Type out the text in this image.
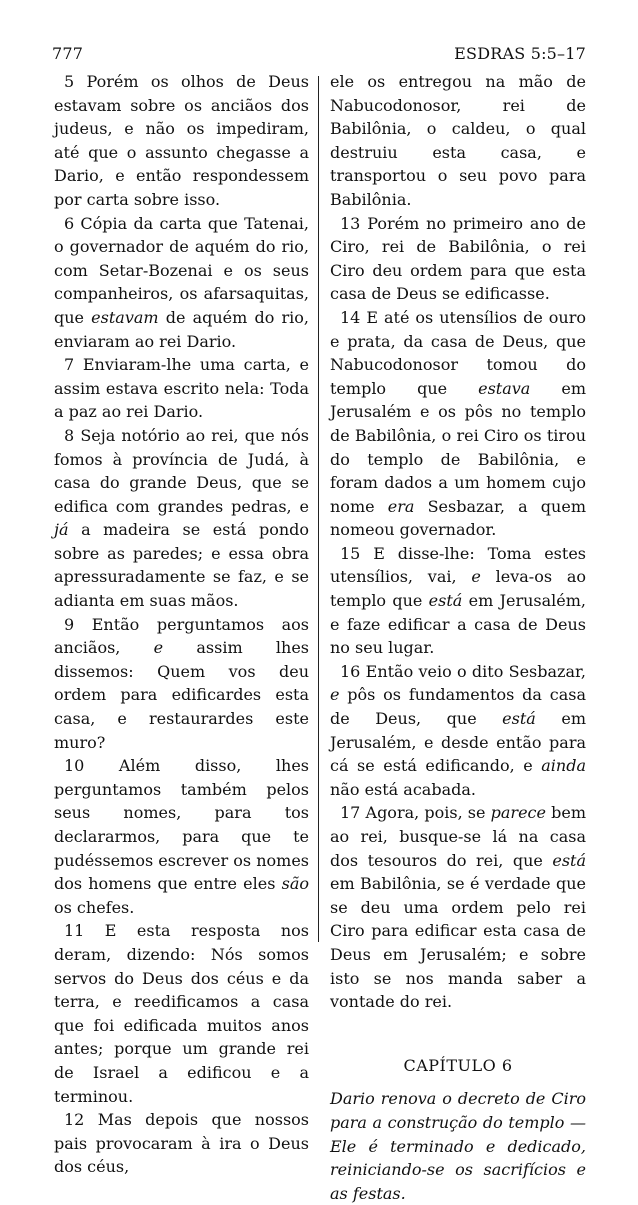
777	ESDRAS 5:5–17

5 Porém os olhos de Deus estavam sobre os anciãos dos judeus, e não os impediram, até que o assunto chegasse a Dario, e então respondessem por carta sobre isso.

6 Cópia da carta que Tatenai, o governador de aquém do rio, com Setar-Bozenai e os seus companheiros, os afarsaquitas, que estavam de aquém do rio, enviaram ao rei Dario.

7 Enviaram-lhe uma carta, e assim estava escrito nela: Toda a paz ao rei Dario.

8 Seja notório ao rei, que nós fomos à província de Judá, à casa do grande Deus, que se edifica com grandes pedras, e já a madeira se está pondo sobre as paredes; e essa obra apressuradamente se faz, e se adianta em suas mãos.

9 Então perguntamos aos anciãos, e assim lhes dissemos: Quem vos deu ordem para edificardes esta casa, e restaurardes este muro?

10 Além disso, lhes perguntamos também pelos seus nomes, para tos declararmos, para que te pudéssemos escrever os nomes dos homens que entre eles são os chefes.

11 E esta resposta nos deram, dizendo: Nós somos servos do Deus dos céus e da terra, e reedificamos a casa que foi edificada muitos anos antes; porque um grande rei de Israel a edificou e a terminou.

12 Mas depois que nossos pais provocaram à ira o Deus dos céus,

ele os entregou na mão de Nabucodonosor, rei de Babilônia, o caldeu, o qual destruiu esta casa, e transportou o seu povo para Babilônia.

13 Porém no primeiro ano de Ciro, rei de Babilônia, o rei Ciro deu ordem para que esta casa de Deus se edificasse.

14 E até os utensílios de ouro e prata, da casa de Deus, que Nabucodonosor tomou do templo que estava em Jerusalém e os pôs no templo de Babilônia, o rei Ciro os tirou do templo de Babilônia, e foram dados a um homem cujo nome era Sesbazar, a quem nomeou governador.

15 E disse-lhe: Toma estes utensílios, vai, e leva-os ao templo que está em Jerusalém, e faze edificar a casa de Deus no seu lugar.

16 Então veio o dito Sesbazar, e pôs os fundamentos da casa de Deus, que está em Jerusalém, e desde então para cá se está edificando, e ainda não está acabada.

17 Agora, pois, se parece bem ao rei, busque-se lá na casa dos tesouros do rei, que está em Babilônia, se é verdade que se deu uma ordem pelo rei Ciro para edificar esta casa de Deus em Jerusalém; e sobre isto se nos manda saber a vontade do rei.

CAPÍTULO 6

Dario renova o decreto de Ciro para a construção do templo — Ele é terminado e dedicado, reiniciando-se os sacrifícios e as festas.
